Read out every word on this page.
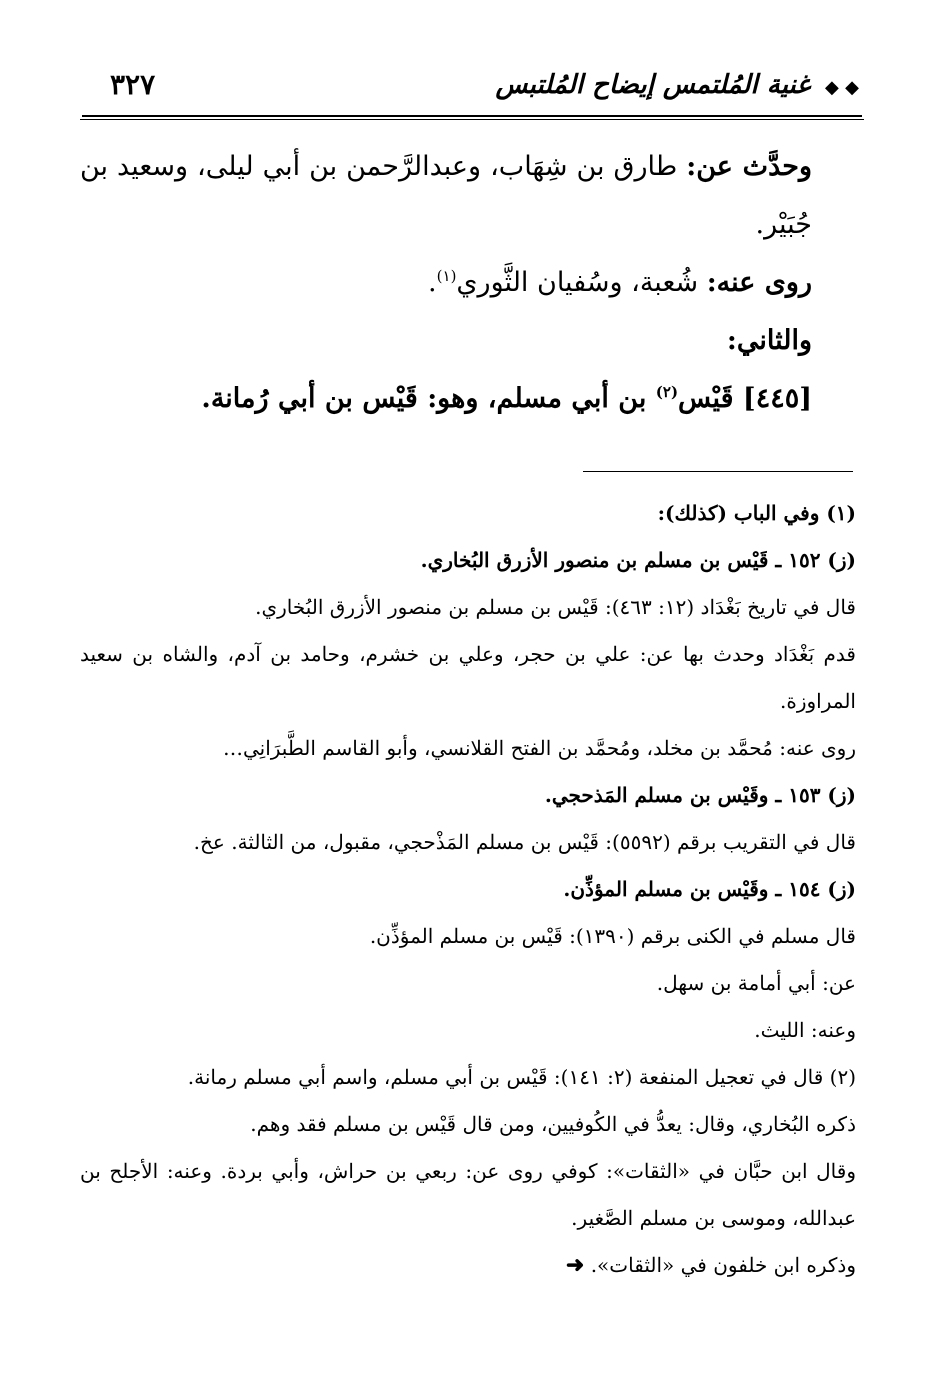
◆ ◆ غنية المُلتمس إيضاح المُلتبس
٣٢٧

وحدَّث عن: طارق بن شِهَاب، وعبدالرَّحمن بن أبي ليلى، وسعيد بن جُبَيْر.

روى عنه: شُعبة، وسُفيان الثَّوري$^{(١)}$.

والثاني:

[٤٤٥] قَيْس$^{(٢)}$ بن أبي مسلم، وهو: قَيْس بن أبي رُمانة.

(١) وفي الباب (كذلك):

(ز) ١٥٢ ـ قَيْس بن مسلم بن منصور الأزرق البُخاري.

قال في تاريخ بَغْدَاد (١٢: ٤٦٣): قَيْس بن مسلم بن منصور الأزرق البُخاري.

قدم بَغْدَاد وحدث بها عن: علي بن حجر، وعلي بن خشرم، وحامد بن آدم، والشاه بن سعيد المراوزة.

روى عنه: مُحمَّد بن مخلد، ومُحمَّد بن الفتح القلانسي، وأبو القاسم الطَّبرَانِي…

(ز) ١٥٣ ـ وقَيْس بن مسلم المَذحجي.

قال في التقريب برقم (٥٥٩٢): قَيْس بن مسلم المَذْحجي، مقبول، من الثالثة. عخ.

(ز) ١٥٤ ـ وقَيْس بن مسلم المؤذِّن.

قال مسلم في الكنى برقم (١٣٩٠): قَيْس بن مسلم المؤذِّن.

عن: أبي أمامة بن سهل.

وعنه: الليث.

(٢) قال في تعجيل المنفعة (٢: ١٤١): قَيْس بن أبي مسلم، واسم أبي مسلم رمانة.

ذكره البُخاري، وقال: يعدُّ في الكُوفيين، ومن قال قَيْس بن مسلم فقد وهم.

وقال ابن حبَّان في «الثقات»: كوفي روى عن: ربعي بن حراش، وأبي بردة. وعنه: الأجلح بن عبدالله، وموسى بن مسلم الصَّغير.

وذكره ابن خلفون في «الثقات». ➜
